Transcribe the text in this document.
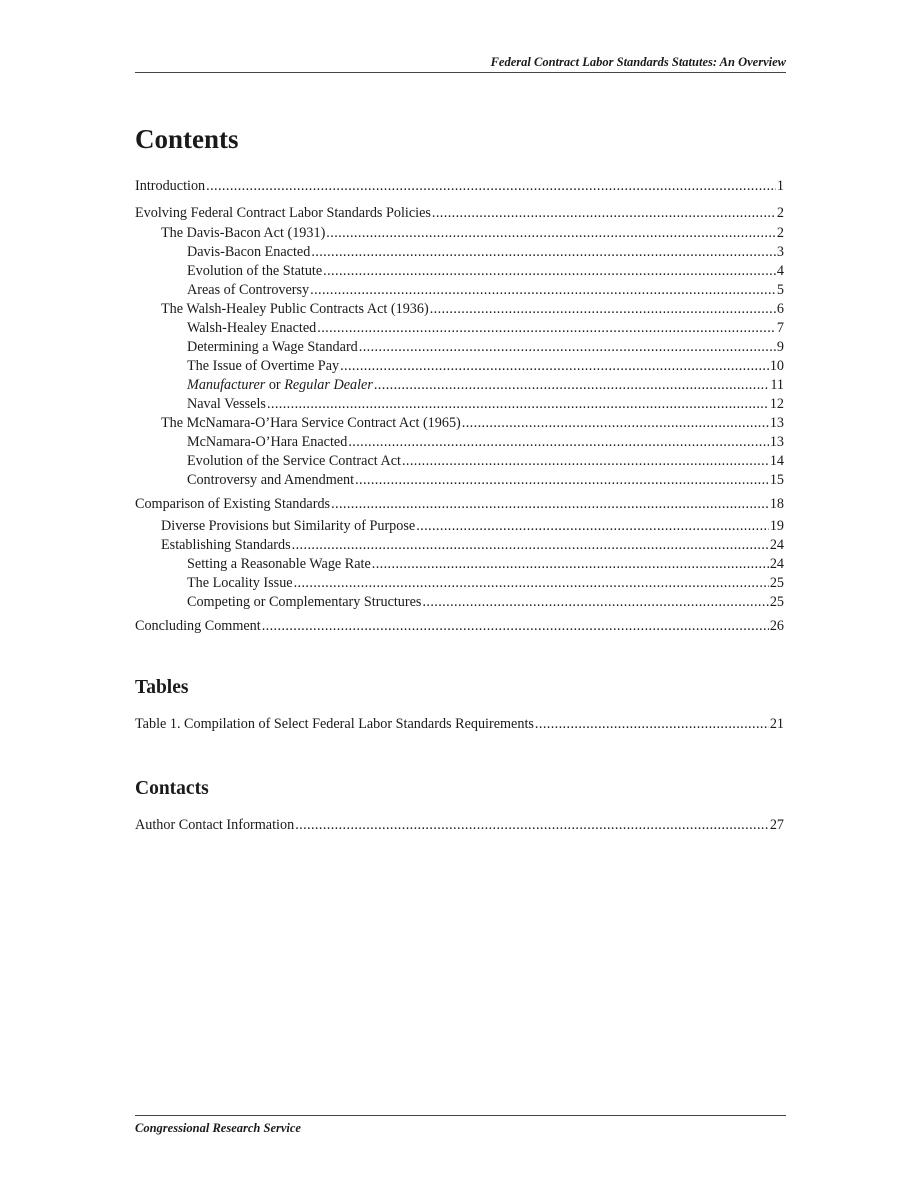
Federal Contract Labor Standards Statutes: An Overview
Contents
Introduction .....	1
Evolving Federal Contract Labor Standards Policies .....	2
The Davis-Bacon Act (1931) .....	2
Davis-Bacon Enacted .....	3
Evolution of the Statute .....	4
Areas of Controversy .....	5
The Walsh-Healey Public Contracts Act (1936) .....	6
Walsh-Healey Enacted .....	7
Determining a Wage Standard .....	9
The Issue of Overtime Pay .....	10
Manufacturer or Regular Dealer .....	11
Naval Vessels .....	12
The McNamara-O’Hara Service Contract Act (1965) .....	13
McNamara-O’Hara Enacted .....	13
Evolution of the Service Contract Act .....	14
Controversy and Amendment .....	15
Comparison of Existing Standards .....	18
Diverse Provisions but Similarity of Purpose .....	19
Establishing Standards .....	24
Setting a Reasonable Wage Rate .....	24
The Locality Issue .....	25
Competing or Complementary Structures .....	25
Concluding Comment .....	26
Tables
Table 1. Compilation of Select Federal Labor Standards Requirements .....	21
Contacts
Author Contact Information .....	27
Congressional Research Service
